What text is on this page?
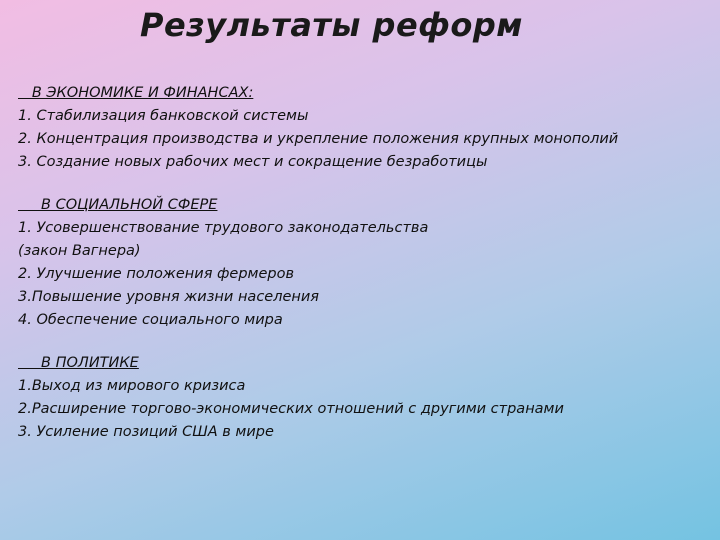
Результаты реформ
В ЭКОНОМИКЕ И ФИНАНСАХ:
1. Стабилизация банковской системы
2. Концентрация производства и укрепление положения крупных монополий
3. Создание новых рабочих мест и сокращение безработицы
В СОЦИАЛЬНОЙ СФЕРЕ
1. Усовершенствование трудового законодательства
(закон Вагнера)
2. Улучшение положения фермеров
3.Повышение уровня жизни населения
4. Обеспечение социального мира
В ПОЛИТИКЕ
1.Выход из мирового кризиса
2.Расширение торгово-экономических отношений с другими странами
3. Усиление позиций США в мире
